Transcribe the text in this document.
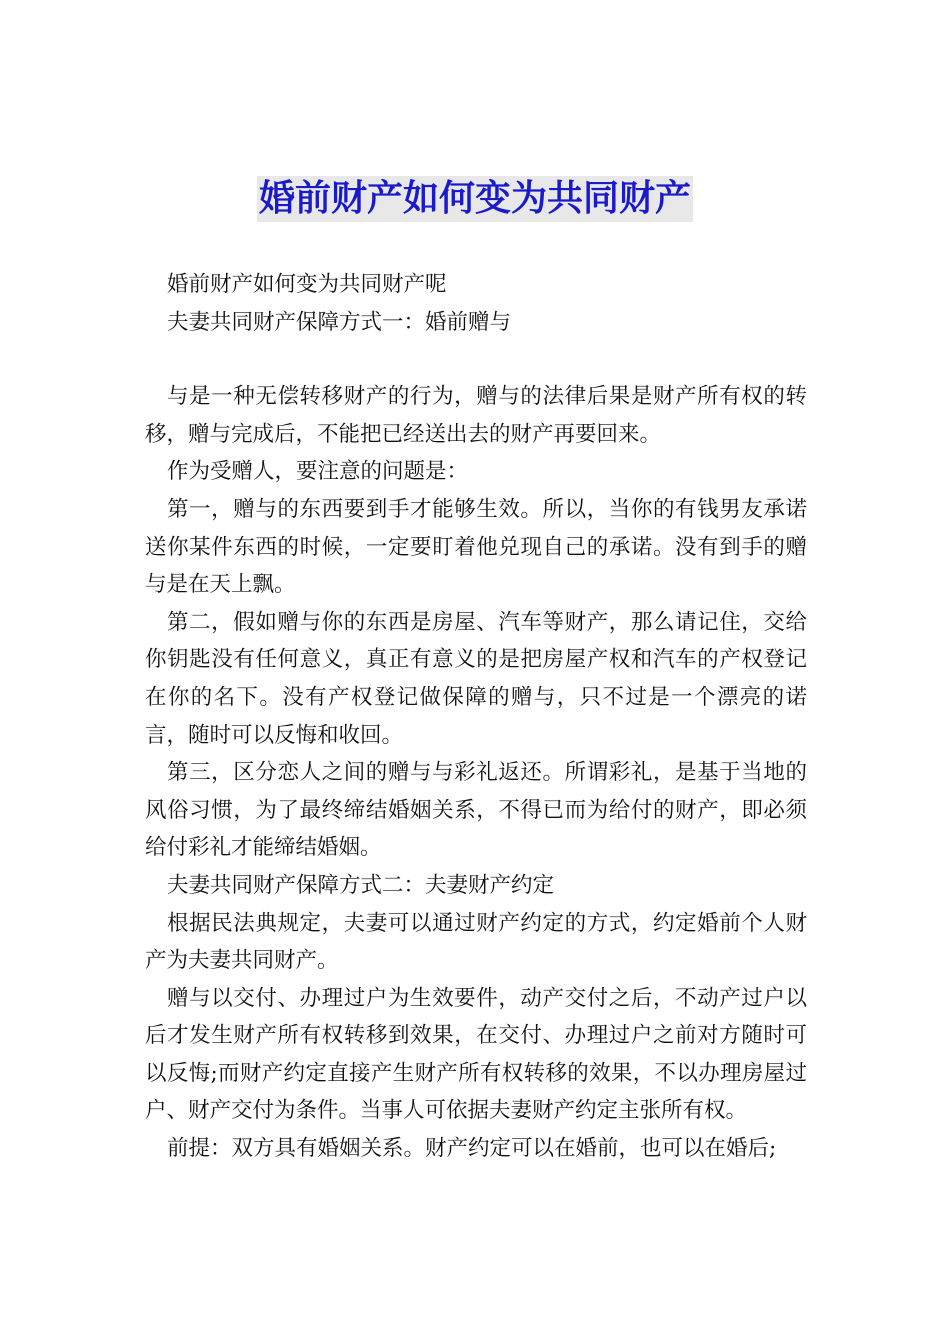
婚前财产如何变为共同财产

婚前财产如何变为共同财产呢

夫妻共同财产保障方式一：婚前赠与

与是一种无偿转移财产的行为，赠与的法律后果是财产所有权的转移，赠与完成后，不能把已经送出去的财产再要回来。

作为受赠人，要注意的问题是：

第一，赠与的东西要到手才能够生效。所以，当你的有钱男友承诺送你某件东西的时候，一定要盯着他兑现自己的承诺。没有到手的赠与是在天上飘。

第二，假如赠与你的东西是房屋、汽车等财产，那么请记住，交给你钥匙没有任何意义，真正有意义的是把房屋产权和汽车的产权登记在你的名下。没有产权登记做保障的赠与，只不过是一个漂亮的诺言，随时可以反悔和收回。

第三，区分恋人之间的赠与与彩礼返还。所谓彩礼，是基于当地的风俗习惯，为了最终缔结婚姻关系，不得已而为给付的财产，即必须给付彩礼才能缔结婚姻。

夫妻共同财产保障方式二：夫妻财产约定

根据民法典规定，夫妻可以通过财产约定的方式，约定婚前个人财产为夫妻共同财产。

赠与以交付、办理过户为生效要件，动产交付之后，不动产过户以后才发生财产所有权转移到效果，在交付、办理过户之前对方随时可以反悔;而财产约定直接产生财产所有权转移的效果，不以办理房屋过户、财产交付为条件。当事人可依据夫妻财产约定主张所有权。

前提：双方具有婚姻关系。财产约定可以在婚前，也可以在婚后;
